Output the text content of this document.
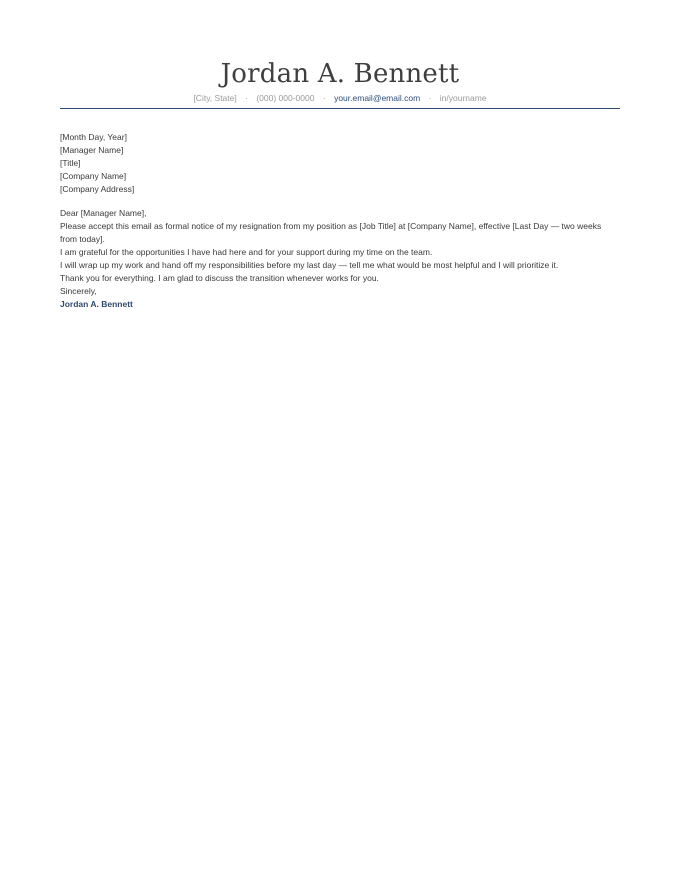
Jordan A. Bennett
[City, State] · (000) 000-0000 · your.email@email.com · in/yourname

[Month Day, Year]

[Manager Name]

[Title]

[Company Name]

[Company Address]

Dear [Manager Name],

Please accept this email as formal notice of my resignation from my position as [Job Title] at [Company Name], effective [Last Day — two weeks from today].

I am grateful for the opportunities I have had here and for your support during my time on the team.

I will wrap up my work and hand off my responsibilities before my last day — tell me what would be most helpful and I will prioritize it.

Thank you for everything. I am glad to discuss the transition whenever works for you.

Sincerely,

Jordan A. Bennett
